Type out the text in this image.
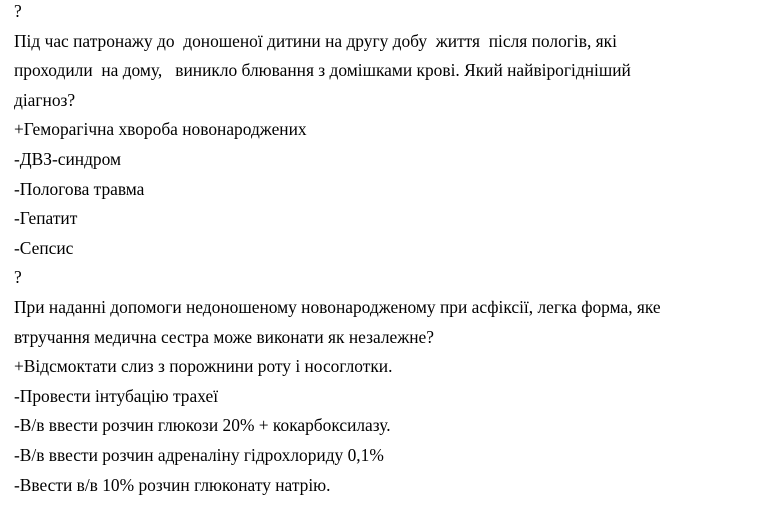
?
Під час патронажу до  доношеної дитини на другу добу  життя  після пологів, які
проходили  на дому,   виникло блювання з домішками крові. Який найвірогідніший
діагноз?
+Геморагічна хвороба новонароджених
-ДВЗ-синдром
-Пологова травма
-Гепатит
-Сепсис
?
При наданні допомоги недоношеному новонародженому при асфіксії, легка форма, яке
втручання медична сестра може виконати як незалежне?
+Відсмоктати слиз з порожнини роту і носоглотки.
-Провести інтубацію трахеї
-В/в ввести розчин глюкози 20% + кокарбоксилазу.
-В/в ввести розчин адреналіну гідрохлориду 0,1%
-Ввести в/в 10% розчин глюконату натрію.
